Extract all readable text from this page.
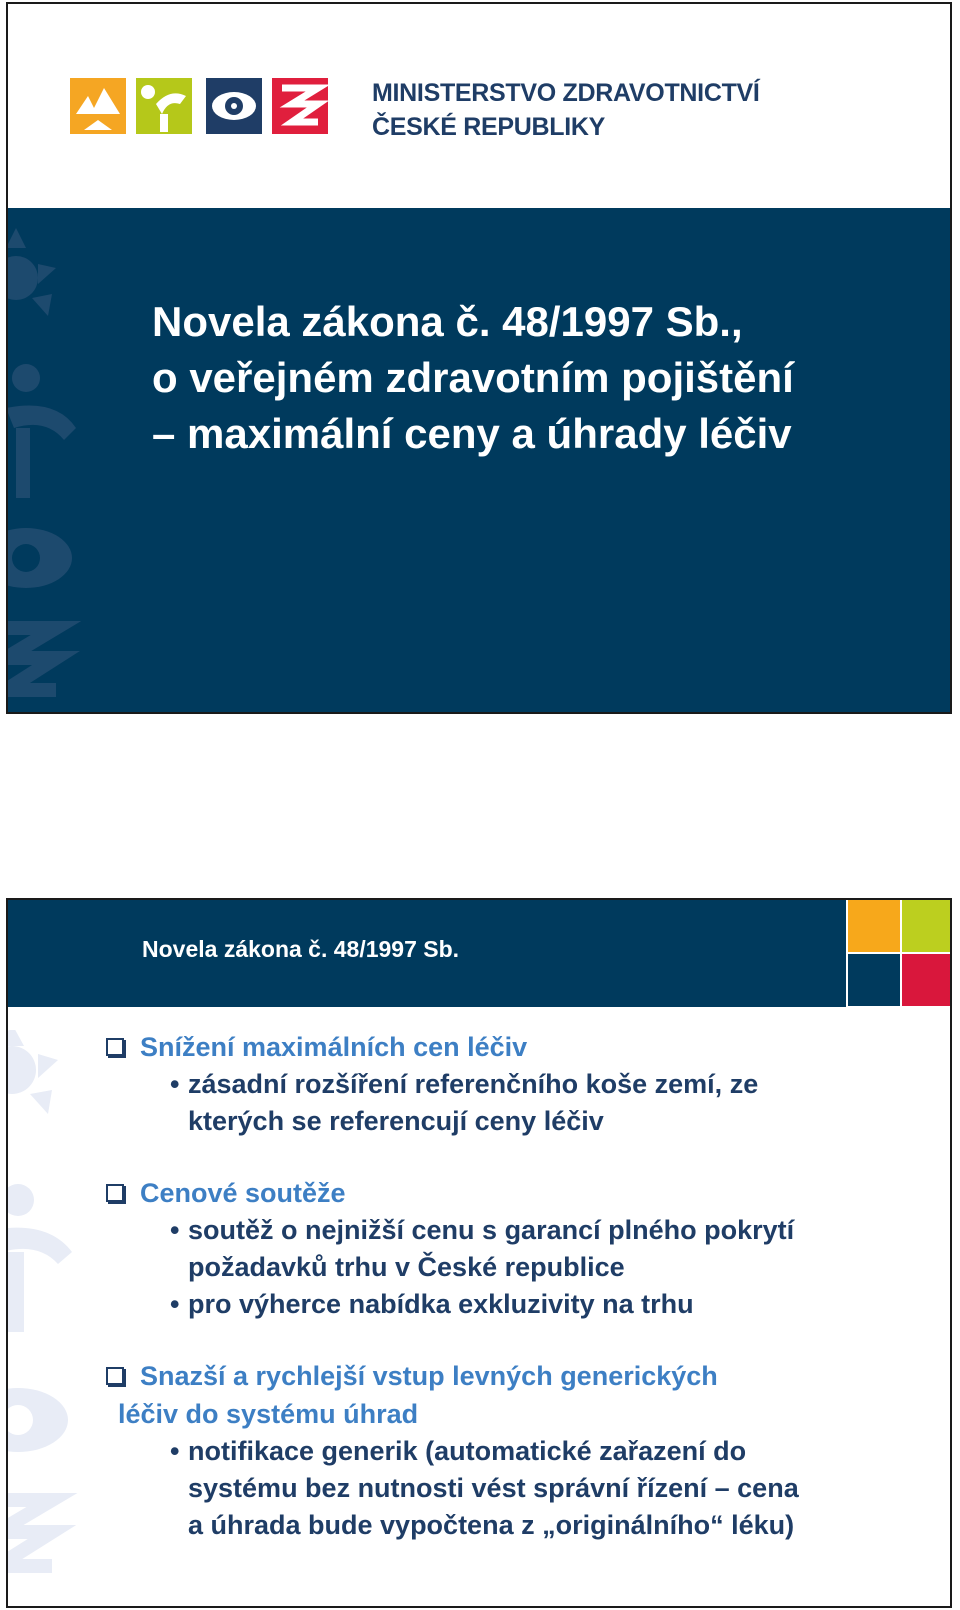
MINISTERSTVO ZDRAVOTNICTVÍ
ČESKÉ REPUBLIKY
Novela zákona č. 48/1997 Sb.,
o veřejném zdravotním pojištění
– maximální ceny a úhrady léčiv
Novela zákona č. 48/1997 Sb.
Snížení maximálních cen léčiv
• zásadní rozšíření referenčního koše zemí, ze
kterých se referencují ceny léčiv
Cenové soutěže
• soutěž o nejnižší cenu s garancí plného pokrytí
požadavků trhu v České republice
• pro výherce nabídka exkluzivity na trhu
Snazší a rychlejší vstup levných generických
léčiv do systému úhrad
• notifikace generik (automatické zařazení do
systému bez nutnosti vést správní řízení – cena
a úhrada bude vypočtena z „originálního“ léku)
